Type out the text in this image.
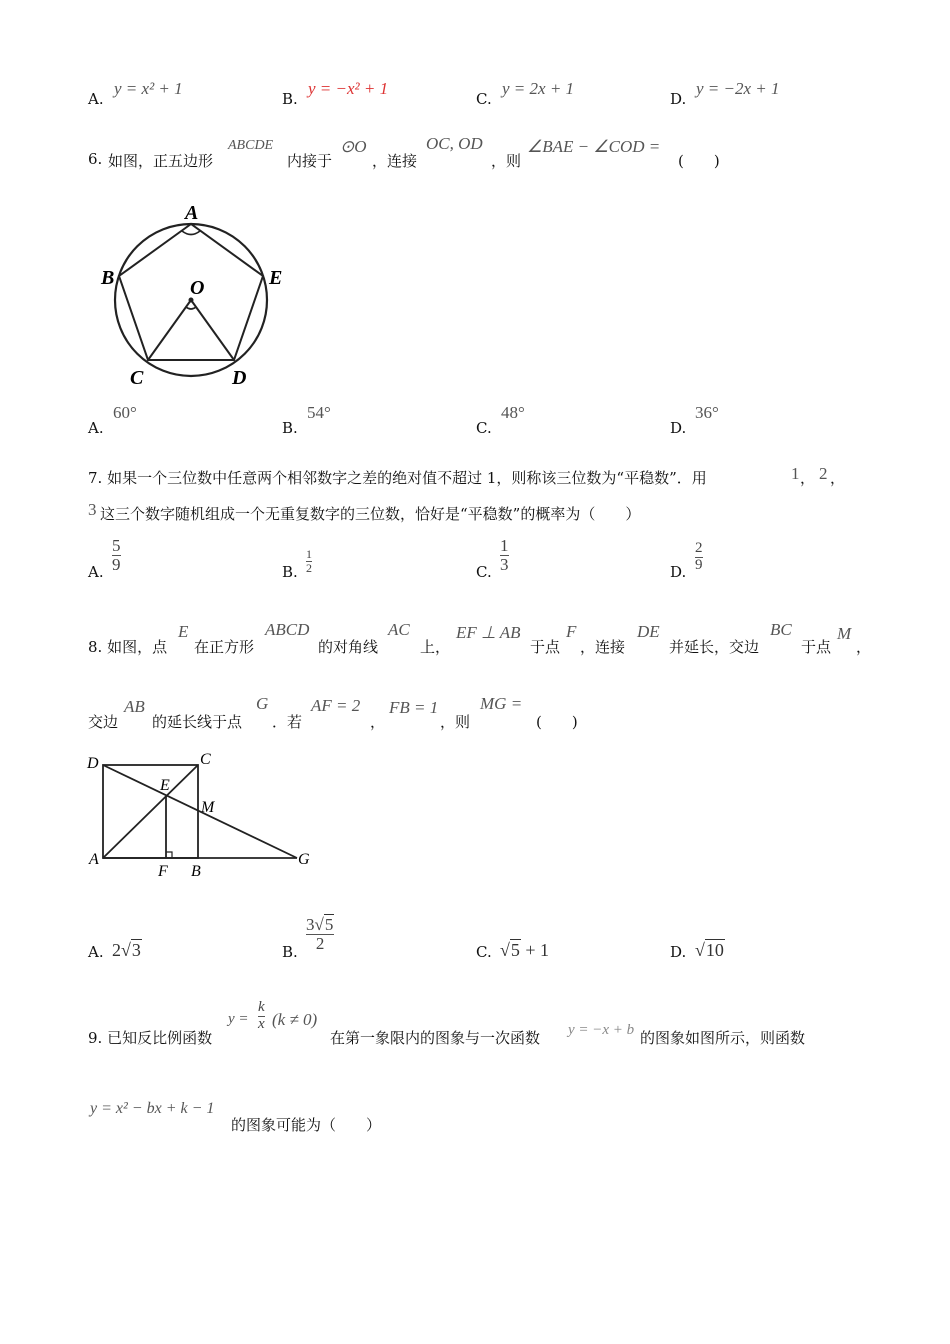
A.
y = x² + 1
B.
y = −x² + 1
C.
y = 2x + 1
D.
y = −2x + 1
6. 如图，正五边形
ABCDE
内接于
⊙O
，连接
OC, OD
，则
∠BAE − ∠COD =
(　　)
A
B
C	D
E
O
A.
60°
B.
54°
C.
48°
D.
36°
7. 如果一个三位数中任意两个相邻数字之差的绝对值不超过 1，则称该三位数为“平稳数”．用	1 ， 2 ，
3 这三个数字随机组成一个无重复数字的三位数，恰好是“平稳数”的概率为（　　）
A.
5
9	B.
1
2	C.
1
3	D.
2
9
8. 如图，点
E
在正方形
ABCD
的对角线
AC
上，
EF ⊥ AB
于点
F
，连接
DE
并延长，交边
BC
于点
M
，
交边
AB
的延长线于点
G
．若
AF = 2
，
FB = 1
，则
MG =
(　　)
D	C
E
M
A
F B
G
A. 2√3	B.
3√5
2	C. √5 + 1	D. √10
9. 已知反比例函数
y =
k
x (k ≠ 0)
在第一象限内的图象与一次函数 y = −x + b 的图象如图所示，则函数
y = x² − bx + k − 1
的图象可能为（　　）
